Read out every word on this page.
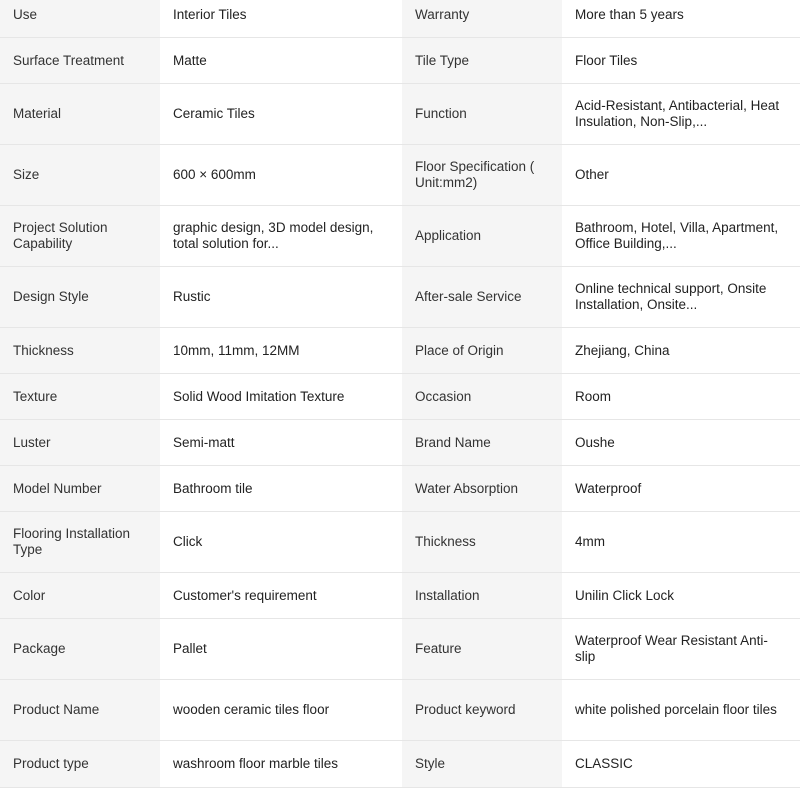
Use	Interior Tiles	Warranty	More than 5 years
Surface Treatment	Matte	Tile Type	Floor Tiles
Material	Ceramic Tiles	Function	Acid-Resistant, Antibacterial, Heat Insulation, Non-Slip,...
Size	600 × 600mm	Floor Specification ( Unit:mm2)	Other
Project Solution Capability	graphic design, 3D model design, total solution for...	Application	Bathroom, Hotel, Villa, Apartment, Office Building,...
Design Style	Rustic	After-sale Service	Online technical support, Onsite Installation, Onsite...
Thickness	10mm, 11mm, 12MM	Place of Origin	Zhejiang, China
Texture	Solid Wood Imitation Texture	Occasion	Room
Luster	Semi-matt	Brand Name	Oushe
Model Number	Bathroom tile	Water Absorption	Waterproof
Flooring Installation Type	Click	Thickness	4mm
Color	Customer's requirement	Installation	Unilin Click Lock
Package	Pallet	Feature	Waterproof Wear Resistant Anti-slip
Product Name	wooden ceramic tiles floor	Product keyword	white polished porcelain floor tiles
Product type	washroom floor marble tiles	Style	CLASSIC
